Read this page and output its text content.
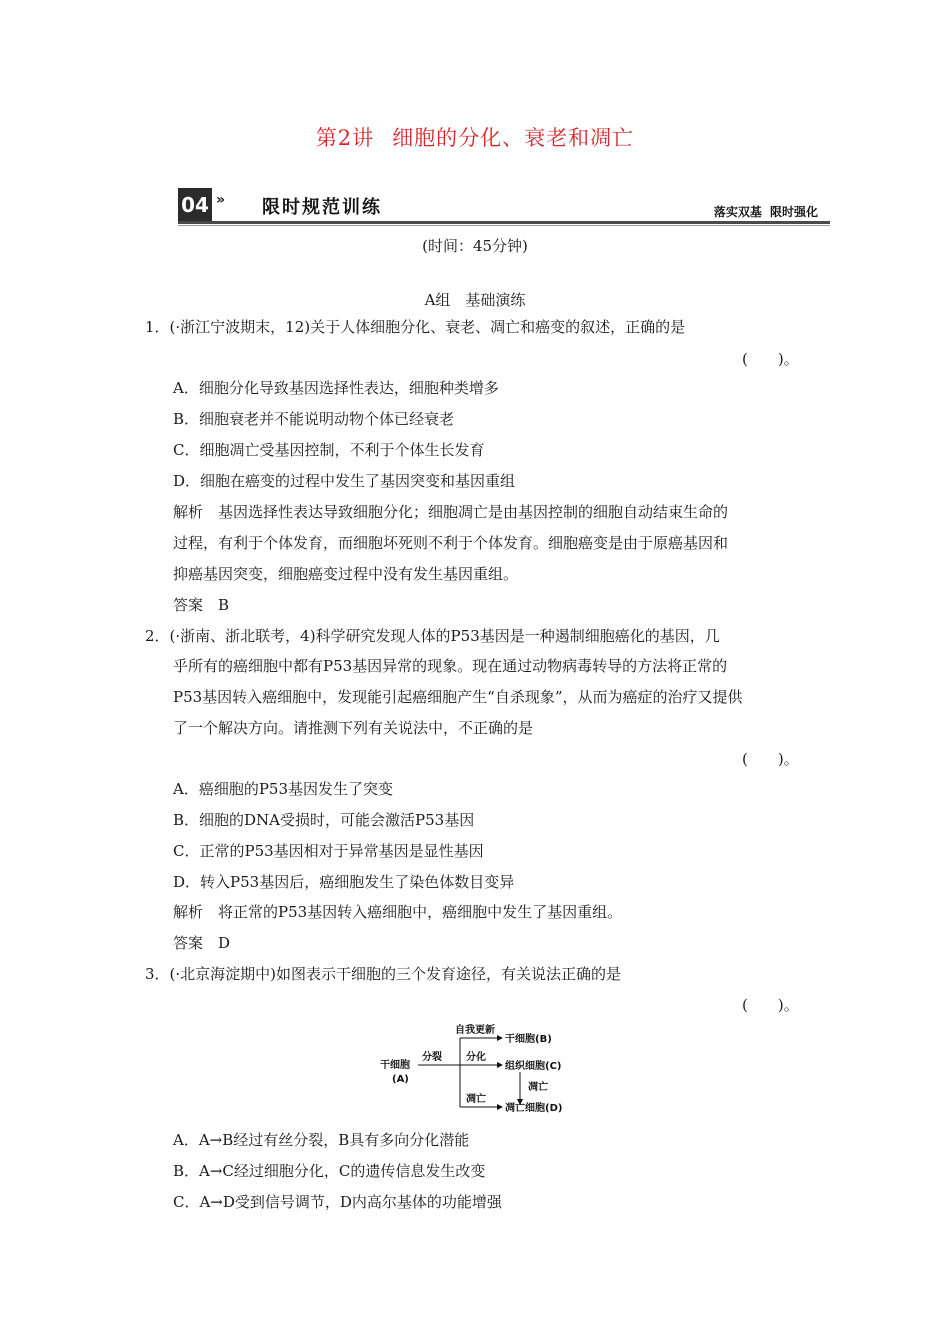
第2讲 细胞的分化、衰老和凋亡
04 » 限时规范训练	落实双基 限时强化
(时间：45分钟)
A组　基础演练
1．(·浙江宁波期末，12)关于人体细胞分化、衰老、凋亡和癌变的叙述，正确的是
(　　)。
A．细胞分化导致基因选择性表达，细胞种类增多
B．细胞衰老并不能说明动物个体已经衰老
C．细胞凋亡受基因控制，不利于个体生长发育
D．细胞在癌变的过程中发生了基因突变和基因重组
解析　基因选择性表达导致细胞分化；细胞凋亡是由基因控制的细胞自动结束生命的
过程，有利于个体发育，而细胞坏死则不利于个体发育。细胞癌变是由于原癌基因和
抑癌基因突变，细胞癌变过程中没有发生基因重组。
答案　B
2．(·浙南、浙北联考，4)科学研究发现人体的P53基因是一种遏制细胞癌化的基因，几
乎所有的癌细胞中都有P53基因异常的现象。现在通过动物病毒转导的方法将正常的
P53基因转入癌细胞中，发现能引起癌细胞产生“自杀现象”，从而为癌症的治疗又提供
了一个解决方向。请推测下列有关说法中，不正确的是
(　　)。
A．癌细胞的P53基因发生了突变
B．细胞的DNA受损时，可能会激活P53基因
C．正常的P53基因相对于异常基因是显性基因
D．转入P53基因后，癌细胞发生了染色体数目变异
解析　将正常的P53基因转入癌细胞中，癌细胞中发生了基因重组。
答案　D
3．(·北京海淀期中)如图表示干细胞的三个发育途径，有关说法正确的是
(　　)。
干细胞
(A)
分裂
自我更新
干细胞(B)
分化
组织细胞(C)
凋亡
凋亡
凋亡细胞(D)
A．A→B经过有丝分裂，B具有多向分化潜能
B．A→C经过细胞分化，C的遗传信息发生改变
C．A→D受到信号调节，D内高尔基体的功能增强
